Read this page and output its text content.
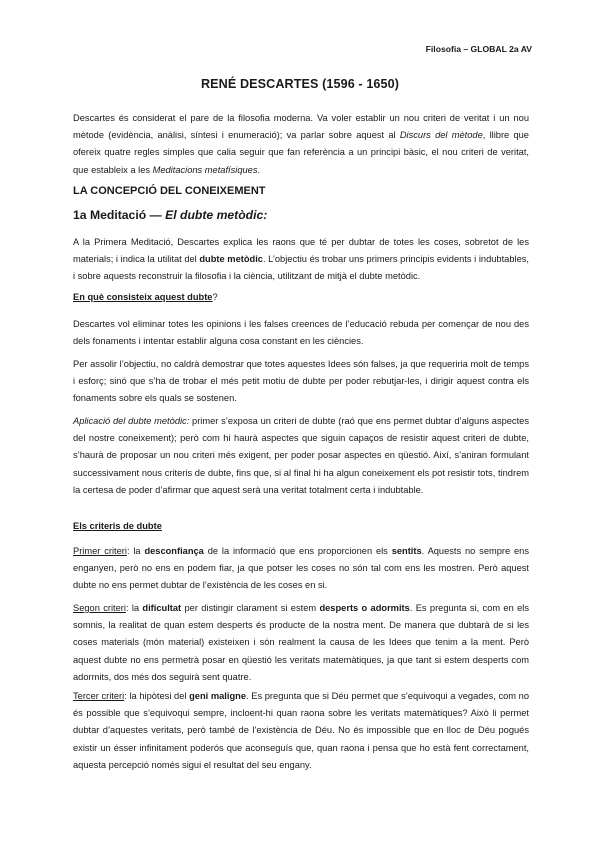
Filosofia – GLOBAL 2a AV
RENÉ DESCARTES (1596 - 1650)
Descartes és considerat el pare de la filosofia moderna. Va voler establir un nou criteri de veritat i un nou mètode (evidència, anàlisi, síntesi i enumeració); va parlar sobre aquest al Discurs del mètode, llibre que ofereix quatre regles simples que calia seguir que fan referència a un principi bàsic, el nou criteri de veritat, que estableix a les Meditacions metafísiques.
LA CONCEPCIÓ DEL CONEIXEMENT
1a Meditació — El dubte metòdic:
A la Primera Meditació, Descartes explica les raons que té per dubtar de totes les coses, sobretot de les materials; i indica la utilitat del dubte metòdic. L’objectiu és trobar uns primers principis evidents i indubtables, i sobre aquests reconstruir la filosofia i la ciència, utilitzant de mitjà el dubte metòdic.
En què consisteix aquest dubte?
Descartes vol eliminar totes les opinions i les falses creences de l’educació rebuda per començar de nou des dels fonaments i intentar establir alguna cosa constant en les ciències.
Per assolir l’objectiu, no caldrà demostrar que totes aquestes Idees són falses, ja que requeriria molt de temps i esforç; sinó que s’ha de trobar el més petit motiu de dubte per poder rebutjar-les, i dirigir aquest contra els fonaments sobre els quals se sostenen.
Aplicació del dubte metòdic: primer s’exposa un criteri de dubte (raó que ens permet dubtar d’alguns aspectes del nostre coneixement); però com hi haurà aspectes que siguin capaços de resistir aquest criteri de dubte, s’haurà de proposar un nou criteri més exigent, per poder posar aspectes en qüestió. Així, s’aniran formulant successivament nous criteris de dubte, fins que, si al final hi ha algun coneixement els pot resistir tots, tindrem la certesa de poder d’afirmar que aquest serà una veritat totalment certa i indubtable.
Els criteris de dubte
Primer criteri: la desconfiança de la informació que ens proporcionen els sentits. Aquests no sempre ens enganyen, però no ens en podem fiar, ja que potser les coses no són tal com ens les mostren. Però aquest dubte no ens permet dubtar de l’existència de les coses en si.
Segon criteri: la dificultat per distingir clarament si estem desperts o adormits. Es pregunta si, com en els somnis, la realitat de quan estem desperts és producte de la nostra ment. De manera que dubtarà de si les coses materials (món material) existeixen i són realment la causa de les Idees que tenim a la ment. Però aquest dubte no ens permetrà posar en qüestió les veritats matemàtiques, ja que tant si estem desperts com adormits, dos més dos seguirà sent quatre.
Tercer criteri: la hipòtesi del geni maligne. Es pregunta que si Déu permet que s’equivoqui a vegades, com no és possible que s’equivoqui sempre, incloent-hi quan raona sobre les veritats matemàtiques? Això li permet dubtar d’aquestes veritats, però també de l’existència de Déu. No és impossible que en lloc de Déu pogués existir un ésser infinitament poderós que aconseguís que, quan raona i pensa que ho està fent correctament, aquesta percepció només sigui el resultat del seu engany.
